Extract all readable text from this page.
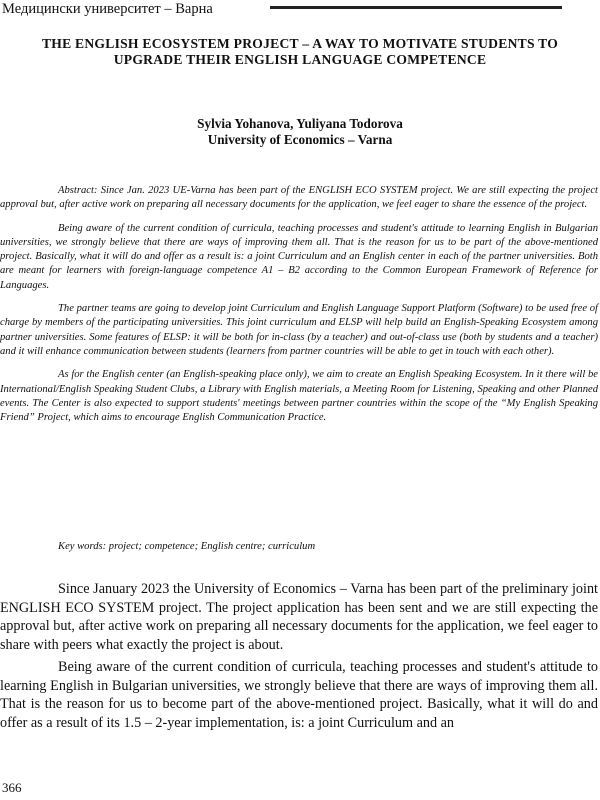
Медицински университет – Варна
THE ENGLISH ECOSYSTEM PROJECT – A WAY TO MOTIVATE STUDENTS TO UPGRADE THEIR ENGLISH LANGUAGE COMPETENCE
Sylvia Yohanova, Yuliyana Todorova
University of Economics – Varna

Abstract: Since Jan. 2023 UE-Varna has been part of the ENGLISH ECO SYSTEM project. We are still expecting the project approval but, after active work on preparing all necessary documents for the application, we feel eager to share the essence of the project.

Being aware of the current condition of curricula, teaching processes and student's attitude to learning English in Bulgarian universities, we strongly believe that there are ways of improving them all. That is the reason for us to be part of the above-mentioned project. Basically, what it will do and offer as a result is: a joint Curriculum and an English center in each of the partner universities. Both are meant for learners with foreign-language competence A1 – B2 according to the Common European Framework of Reference for Languages.

The partner teams are going to develop joint Curriculum and English Language Support Platform (Software) to be used free of charge by members of the participating universities. This joint curriculum and ELSP will help build an English-Speaking Ecosystem among partner universities. Some features of ELSP: it will be both for in-class (by a teacher) and out-of-class use (both by students and a teacher) and it will enhance communication between students (learners from partner countries will be able to get in touch with each other).

As for the English center (an English-speaking place only), we aim to create an English Speaking Ecosystem. In it there will be International/English Speaking Student Clubs, a Library with English materials, a Meeting Room for Listening, Speaking and other Planned events. The Center is also expected to support students' meetings between partner countries within the scope of the “My English Speaking Friend” Project, which aims to encourage English Communication Practice.

Key words: project; competence; English centre; curriculum

Since January 2023 the University of Economics – Varna has been part of the preliminary joint ENGLISH ECO SYSTEM project. The project application has been sent and we are still expecting the approval but, after active work on preparing all necessary documents for the application, we feel eager to share with peers what exactly the project is about.

Being aware of the current condition of curricula, teaching processes and student's attitude to learning English in Bulgarian universities, we strongly believe that there are ways of improving them all. That is the reason for us to become part of the above-mentioned project. Basically, what it will do and offer as a result of its 1.5 – 2-year implementation, is: a joint Curriculum and an

366
